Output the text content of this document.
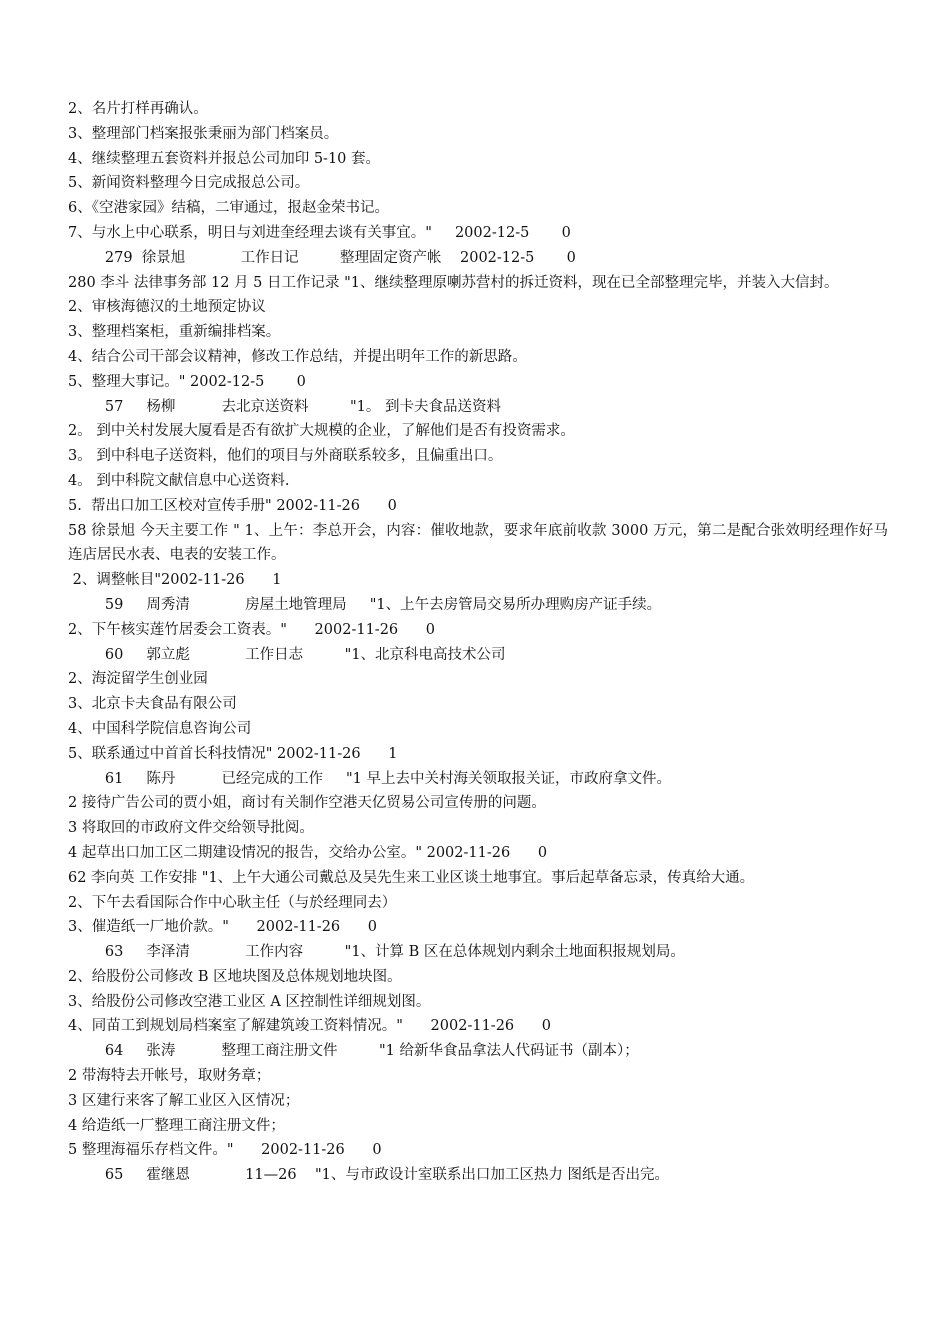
2、名片打样再确认。
3、整理部门档案报张秉丽为部门档案员。
4、继续整理五套资料并报总公司加印 5-10 套。
5、新闻资料整理今日完成报总公司。
6、《空港家园》结稿，二审通过，报赵金荣书记。
7、与水上中心联系，明日与刘进奎经理去谈有关事宜。"     2002-12-5       0
279  徐景旭            工作日记         整理固定资产帐    2002-12-5       0
280 李斗 法律事务部 12 月 5 日工作记录 "1、继续整理原喇苏营村的拆迁资料，现在已全部整理完毕，并装入大信封。
2、审核海德汉的土地预定协议
3、整理档案柜，重新编排档案。
4、结合公司干部会议精神，修改工作总结，并提出明年工作的新思路。
5、整理大事记。" 2002-12-5       0
57     杨柳          去北京送资料         "1。 到卡夫食品送资料
2。 到中关村发展大厦看是否有欲扩大规模的企业，了解他们是否有投资需求。
3。 到中科电子送资料，他们的项目与外商联系较多，且偏重出口。
4。 到中科院文献信息中心送资料.
5.  帮出口加工区校对宣传手册" 2002-11-26      0
58 徐景旭 今天主要工作 " 1、上午：李总开会，内容：催收地款，要求年底前收款 3000 万元，第二是配合张效明经理作好马连店居民水表、电表的安装工作。
2、调整帐目"2002-11-26      1
59     周秀清            房屋土地管理局     "1、上午去房管局交易所办理购房产证手续。
2、下午核实莲竹居委会工资表。"      2002-11-26      0
60     郭立彪            工作日志         "1、北京科电高技术公司
2、海淀留学生创业园
3、北京卡夫食品有限公司
4、中国科学院信息咨询公司
5、联系通过中首首长科技情况" 2002-11-26      1
61     陈丹          已经完成的工作     "1 早上去中关村海关领取报关证，市政府拿文件。
2 接待广告公司的贾小姐，商讨有关制作空港天亿贸易公司宣传册的问题。
3 将取回的市政府文件交给领导批阅。
4 起草出口加工区二期建设情况的报告，交给办公室。" 2002-11-26      0
62 李向英 工作安排 "1、上午大通公司戴总及吴先生来工业区谈土地事宜。事后起草备忘录，传真给大通。
2、下午去看国际合作中心耿主任（与於经理同去）
3、催造纸一厂地价款。"      2002-11-26      0
63     李泽清            工作内容         "1、计算 B 区在总体规划内剩余土地面积报规划局。
2、给股份公司修改 B 区地块图及总体规划地块图。
3、给股份公司修改空港工业区 A 区控制性详细规划图。
4、同苗工到规划局档案室了解建筑竣工资料情况。"      2002-11-26      0
64     张涛          整理工商注册文件         "1 给新华食品拿法人代码证书（副本）；
2 带海特去开帐号，取财务章；
3 区建行来客了解工业区入区情况；
4 给造纸一厂整理工商注册文件；
5 整理海福乐存档文件。"      2002-11-26      0
65     霍继恩            11—26    "1、与市政设计室联系出口加工区热力 图纸是否出完。
